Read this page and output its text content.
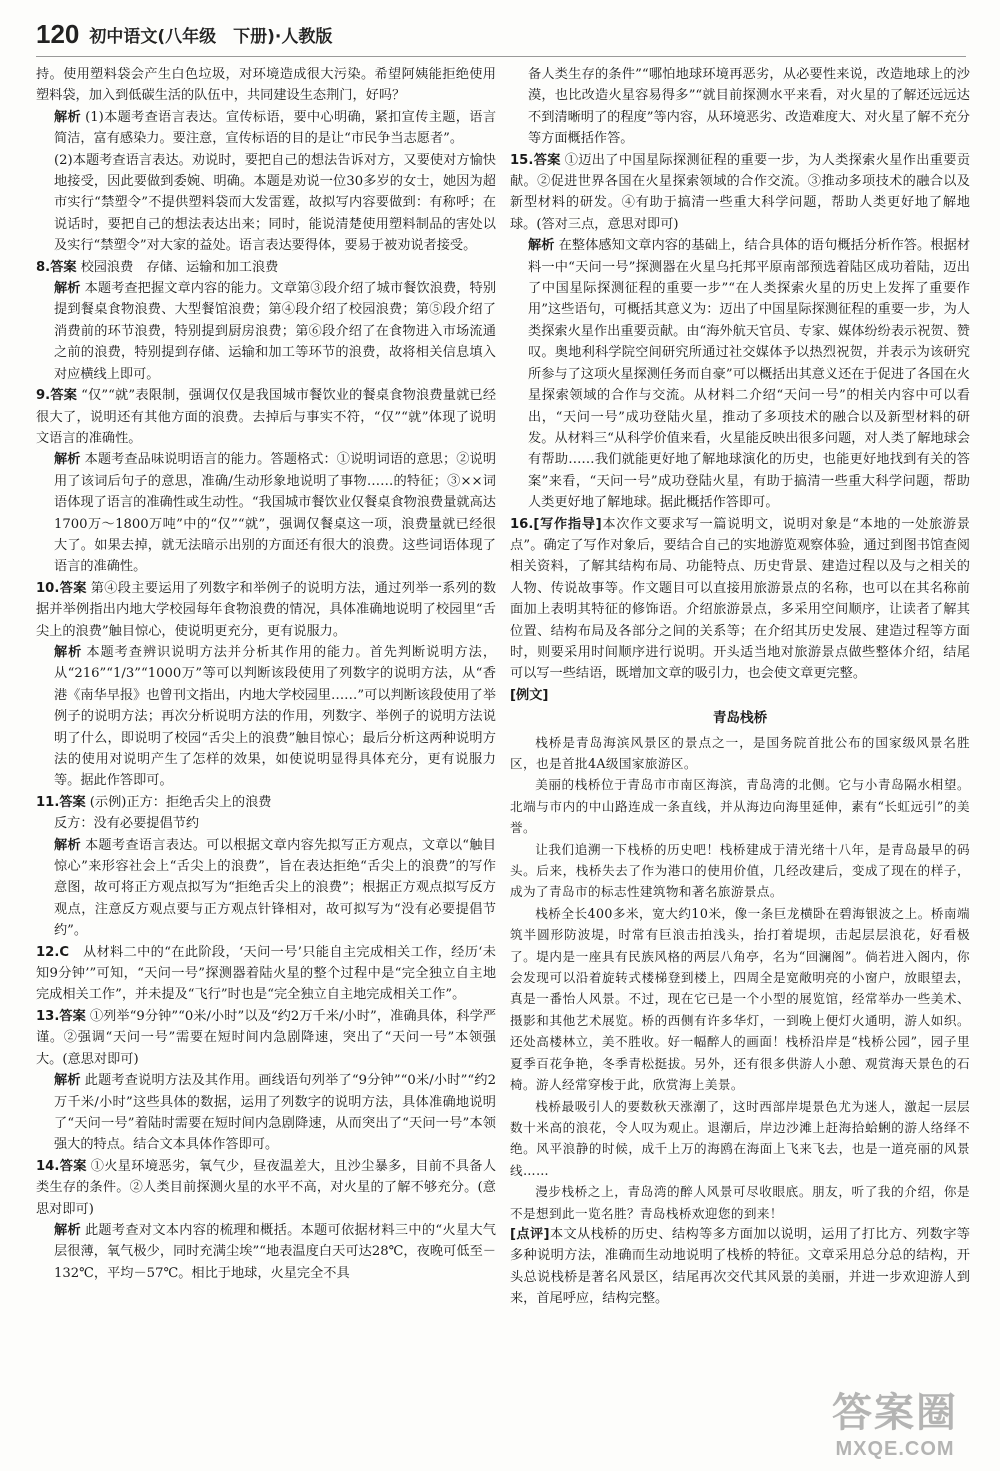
120 初中语文(八年级　下册)·人教版
持。使用塑料袋会产生白色垃圾，对环境造成很大污染。希望阿姨能拒绝使用塑料袋，加入到低碳生活的队伍中，共同建设生态荆门，好吗？
解析 (1)本题考查语言表达。宣传标语，要中心明确，紧扣宣传主题，语言简洁，富有感染力。要注意，宣传标语的目的是让“市民争当志愿者”。
(2)本题考查语言表达。劝说时，要把自己的想法告诉对方，又要使对方愉快地接受，因此要做到委婉、明确。本题是劝说一位30多岁的女士，她因为超市实行“禁塑令”不提供塑料袋而大发雷霆，故拟写内容要做到：有称呼；在说话时，要把自己的想法表达出来；同时，能说清楚使用塑料制品的害处以及实行“禁塑令”对大家的益处。语言表达要得体，要易于被劝说者接受。
8.答案 校园浪费　存储、运输和加工浪费
解析 本题考查把握文章内容的能力。文章第③段介绍了城市餐饮浪费，特别提到餐桌食物浪费、大型餐馆浪费；第④段介绍了校园浪费；第⑤段介绍了消费前的环节浪费，特别提到厨房浪费；第⑥段介绍了在食物进入市场流通之前的浪费，特别提到存储、运输和加工等环节的浪费，故将相关信息填入对应横线上即可。
9.答案 “仅”“就”表限制，强调仅仅是我国城市餐饮业的餐桌食物浪费量就已经很大了，说明还有其他方面的浪费。去掉后与事实不符，“仅”“就”体现了说明文语言的准确性。
解析 本题考查品味说明语言的能力。答题格式：①说明词语的意思；②说明用了该词后句子的意思，准确/生动形象地说明了事物……的特征；③××词语体现了语言的准确性或生动性。“我国城市餐饮业仅餐桌食物浪费量就高达1700万～1800万吨”中的“仅”“就”，强调仅餐桌这一项，浪费量就已经很大了。如果去掉，就无法暗示出别的方面还有很大的浪费。这些词语体现了语言的准确性。
10.答案 第④段主要运用了列数字和举例子的说明方法，通过列举一系列的数据并举例指出内地大学校园每年食物浪费的情况，具体准确地说明了校园里“舌尖上的浪费”触目惊心，使说明更充分，更有说服力。
解析 本题考查辨识说明方法并分析其作用的能力。首先判断说明方法，从“216”“1/3”“1000万”等可以判断该段使用了列数字的说明方法，从“香港《南华早报》也曾刊文指出，内地大学校园里……”可以判断该段使用了举例子的说明方法；再次分析说明方法的作用，列数字、举例子的说明方法说明了什么，即说明了校园“舌尖上的浪费”触目惊心；最后分析这两种说明方法的使用对说明产生了怎样的效果，如使说明显得具体充分，更有说服力等。据此作答即可。
11.答案 (示例)正方：拒绝舌尖上的浪费
反方：没有必要提倡节约
解析 本题考查语言表达。可以根据文章内容先拟写正方观点，文章以“触目惊心”来形容社会上“舌尖上的浪费”，旨在表达拒绝“舌尖上的浪费”的写作意图，故可将正方观点拟写为“拒绝舌尖上的浪费”；根据正方观点拟写反方观点，注意反方观点要与正方观点针锋相对，故可拟写为“没有必要提倡节约”。
12.C　 从材料二中的“在此阶段，‘天问一号’只能自主完成相关工作，经历‘未知9分钟’”可知，“天问一号”探测器着陆火星的整个过程中是“完全独立自主地完成相关工作”，并未提及“飞行”时也是“完全独立自主地完成相关工作”。
13.答案 ①列举“9分钟”“0米/小时”以及“约2万千米/小时”，准确具体，科学严谨。②强调“天问一号”需要在短时间内急剧降速，突出了“天问一号”本领强大。(意思对即可)
解析 此题考查说明方法及其作用。画线语句列举了“9分钟”“0米/小时”“约2万千米/小时”这些具体的数据，运用了列数字的说明方法，具体准确地说明了“天问一号”着陆时需要在短时间内急剧降速，从而突出了“天问一号”本领强大的特点。结合文本具体作答即可。
14.答案 ①火星环境恶劣，氧气少，昼夜温差大，且沙尘暴多，目前不具备人类生存的条件。②人类目前探测火星的水平不高，对火星的了解不够充分。(意思对即可)
解析 此题考查对文本内容的梳理和概括。本题可依据材料三中的“火星大气层很薄，氧气极少，同时充满尘埃”“地表温度白天可达28℃，夜晚可低至－132℃，平均－57℃。相比于地球，火星完全不具
备人类生存的条件”“哪怕地球环境再恶劣，从必要性来说，改造地球上的沙漠，也比改造火星容易得多”“就目前探测水平来看，对火星的了解还远远达不到清晰明了的程度”等内容，从环境恶劣、改造难度大、对火星了解不充分等方面概括作答。
15.答案 ①迈出了中国星际探测征程的重要一步，为人类探索火星作出重要贡献。②促进世界各国在火星探索领域的合作交流。③推动多项技术的融合以及新型材料的研发。④有助于搞清一些重大科学问题，帮助人类更好地了解地球。(答对三点，意思对即可)
解析 在整体感知文章内容的基础上，结合具体的语句概括分析作答。根据材料一中“天问一号”探测器在火星乌托邦平原南部预选着陆区成功着陆，迈出了中国星际探测征程的重要一步”“在人类探索火星的历史上发挥了重要作用”这些语句，可概括其意义为：迈出了中国星际探测征程的重要一步，为人类探索火星作出重要贡献。由“海外航天官员、专家、媒体纷纷表示祝贺、赞叹。奥地利科学院空间研究所通过社交媒体予以热烈祝贺，并表示为该研究所参与了这项火星探测任务而自豪”可以概括出其意义还在于促进了各国在火星探索领域的合作与交流。从材料二介绍“天问一号”的相关内容中可以看出，“天问一号”成功登陆火星，推动了多项技术的融合以及新型材料的研发。从材料三“从科学价值来看，火星能反映出很多问题，对人类了解地球会有帮助……我们就能更好地了解地球演化的历史，也能更好地找到有关的答案”来看，“天问一号”成功登陆火星，有助于搞清一些重大科学问题，帮助人类更好地了解地球。据此概括作答即可。
16.[写作指导]本次作文要求写一篇说明文，说明对象是“本地的一处旅游景点”。确定了写作对象后，要结合自己的实地游览观察体验，通过到图书馆查阅相关资料，了解其结构布局、功能特点、历史背景、建造过程以及与之相关的人物、传说故事等。作文题目可以直接用旅游景点的名称，也可以在其名称前面加上表明其特征的修饰语。介绍旅游景点，多采用空间顺序，让读者了解其位置、结构布局及各部分之间的关系等；在介绍其历史发展、建造过程等方面时，则要采用时间顺序进行说明。开头适当地对旅游景点做些整体介绍，结尾可以写一些结语，既增加文章的吸引力，也会使文章更完整。
[例文]
青岛栈桥

栈桥是青岛海滨风景区的景点之一，是国务院首批公布的国家级风景名胜区，也是首批4A级国家旅游区。

美丽的栈桥位于青岛市市南区海滨，青岛湾的北侧。它与小青岛隔水相望。北端与市内的中山路连成一条直线，并从海边向海里延伸，素有“长虹远引”的美誉。

让我们追溯一下栈桥的历史吧！栈桥建成于清光绪十八年，是青岛最早的码头。后来，栈桥失去了作为港口的使用价值，几经改建后，变成了现在的样子，成为了青岛市的标志性建筑物和著名旅游景点。

栈桥全长400多米，宽大约10米，像一条巨龙横卧在碧海银波之上。桥南端筑半圆形防波堤，时常有巨浪击拍浅头，抬打着堤坝，击起层层浪花，好看极了。堤内是一座具有民族风格的两层八角亭，名为“回澜阁”。倘若进入阁内，你会发现可以沿着旋转式楼梯登到楼上，四周全是宽敞明亮的小窗户，放眼望去，真是一番怡人风景。不过，现在它已是一个小型的展览馆，经常举办一些美术、摄影和其他艺术展览。桥的西侧有许多华灯，一到晚上便灯火通明，游人如织。还处高楼林立，美不胜收。好一幅醉人的画面！栈桥沿岸是“栈桥公园”，园子里夏季百花争艳，冬季青松挺拔。另外，还有很多供游人小憩、观赏海天景色的石椅。游人经常穿梭于此，欣赏海上美景。

栈桥最吸引人的要数秋天涨潮了，这时西部岸堤景色尤为迷人，激起一层层数十米高的浪花，令人叹为观止。退潮后，岸边沙滩上赶海拾蛤蜊的游人络绎不绝。风平浪静的时候，成千上万的海鸥在海面上飞来飞去，也是一道亮丽的风景线……

漫步栈桥之上，青岛湾的醉人风景可尽收眼底。朋友，听了我的介绍，你是不是想到此一览名胜？青岛栈桥欢迎您的到来！

[点评]本文从栈桥的历史、结构等多方面加以说明，运用了打比方、列数字等多种说明方法，准确而生动地说明了栈桥的特征。文章采用总分总的结构，开头总说栈桥是著名风景区，结尾再次交代其风景的美丽，并进一步欢迎游人到来，首尾呼应，结构完整。
答案圈
MXQE.COM
